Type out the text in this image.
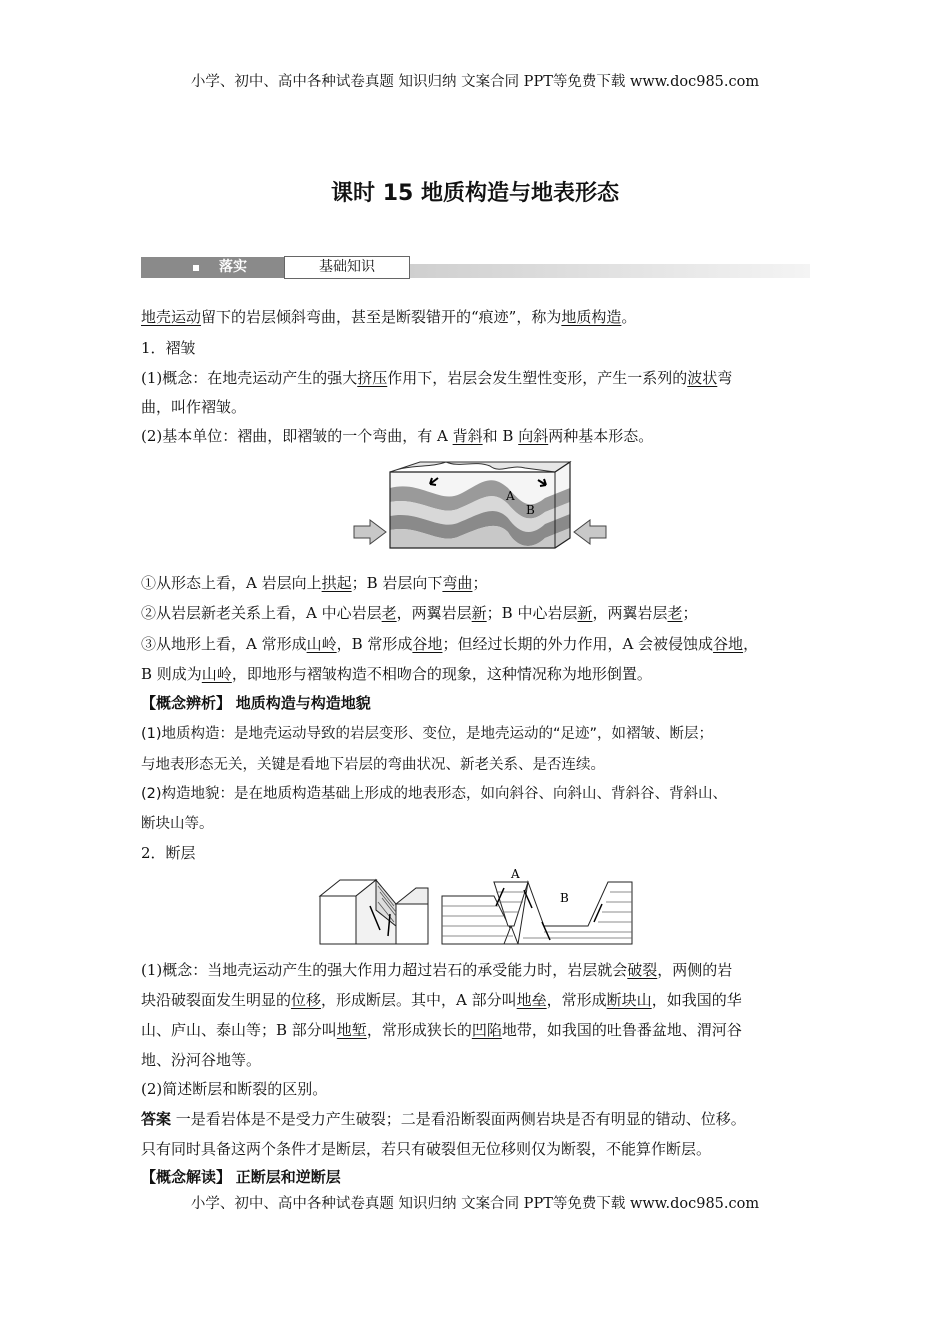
小学、初中、高中各种试卷真题 知识归纳 文案合同 PPT等免费下载 www.doc985.com
课时 15 地质构造与地表形态
落实	基础知识
地壳运动留下的岩层倾斜弯曲，甚至是断裂错开的“痕迹”，称为地质构造。
1．褶皱
(1)概念：在地壳运动产生的强大挤压作用下，岩层会发生塑性变形，产生一系列的波状弯
曲，叫作褶皱。
(2)基本单位：褶曲，即褶皱的一个弯曲，有 A 背斜和 B 向斜两种基本形态。
A
B
①从形态上看，A 岩层向上拱起；B 岩层向下弯曲；
②从岩层新老关系上看，A 中心岩层老，两翼岩层新；B 中心岩层新，两翼岩层老；
③从地形上看，A 常形成山岭，B 常形成谷地；但经过长期的外力作用，A 会被侵蚀成谷地，
B 则成为山岭，即地形与褶皱构造不相吻合的现象，这种情况称为地形倒置。
【概念辨析】 地质构造与构造地貌
(1)地质构造：是地壳运动导致的岩层变形、变位，是地壳运动的“足迹”，如褶皱、断层；
与地表形态无关，关键是看地下岩层的弯曲状况、新老关系、是否连续。
(2)构造地貌：是在地质构造基础上形成的地表形态，如向斜谷、向斜山、背斜谷、背斜山、
断块山等。
2．断层
A
B
(1)概念：当地壳运动产生的强大作用力超过岩石的承受能力时，岩层就会破裂，两侧的岩
块沿破裂面发生明显的位移，形成断层。其中，A 部分叫地垒，常形成断块山，如我国的华
山、庐山、泰山等；B 部分叫地堑，常形成狭长的凹陷地带，如我国的吐鲁番盆地、渭河谷
地、汾河谷地等。
(2)简述断层和断裂的区别。
答案 一是看岩体是不是受力产生破裂；二是看沿断裂面两侧岩块是否有明显的错动、位移。
只有同时具备这两个条件才是断层，若只有破裂但无位移则仅为断裂，不能算作断层。
【概念解读】 正断层和逆断层
小学、初中、高中各种试卷真题 知识归纳 文案合同 PPT等免费下载 www.doc985.com
